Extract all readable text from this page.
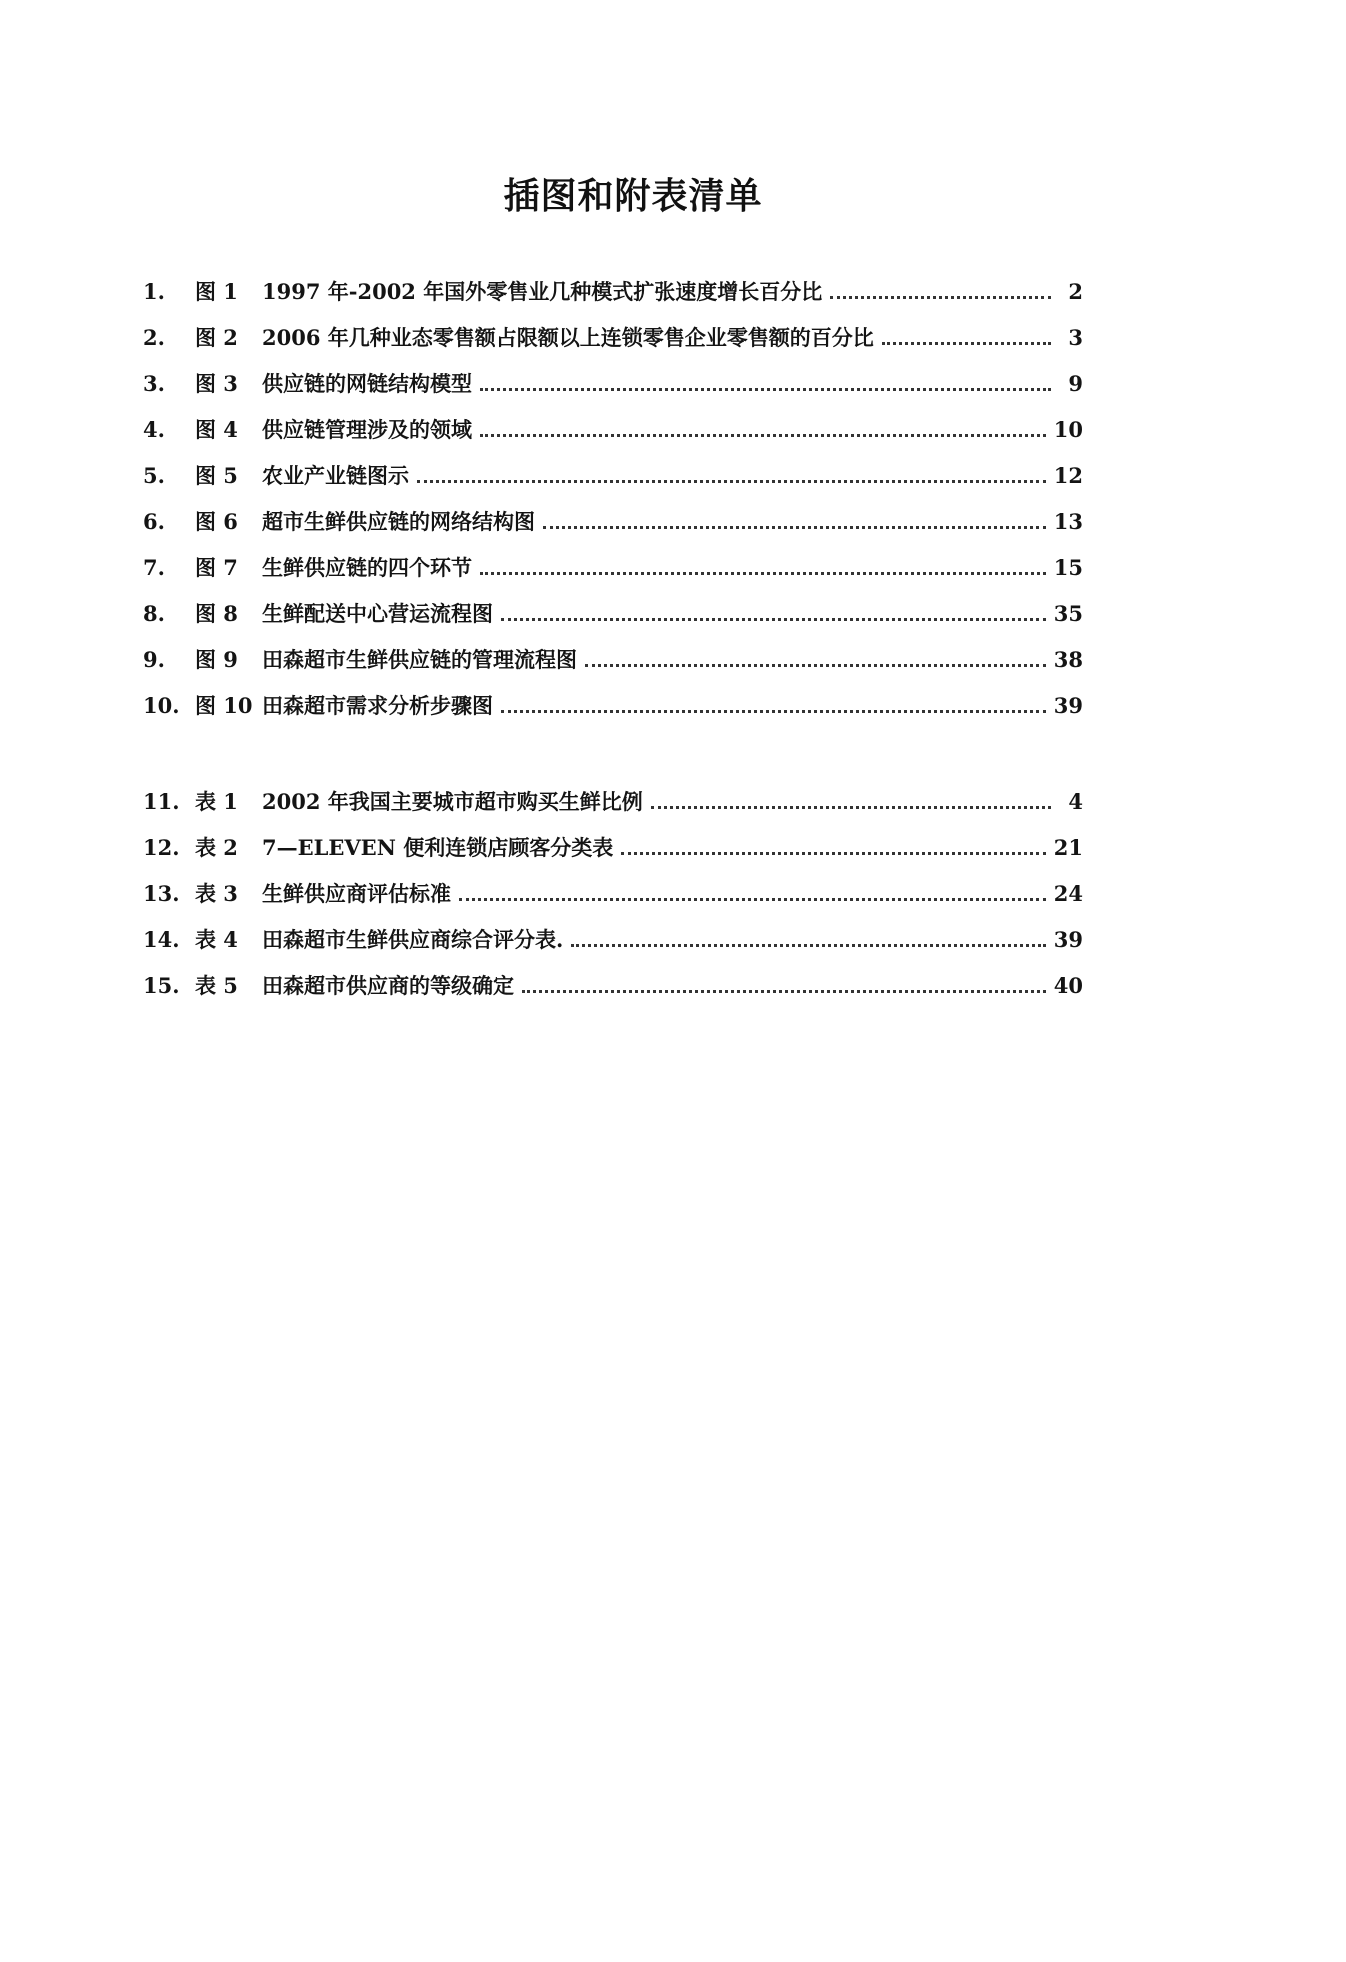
插图和附表清单
1.	图 1	1997 年-2002 年国外零售业几种模式扩张速度增长百分比	2
2.	图 2	2006 年几种业态零售额占限额以上连锁零售企业零售额的百分比	3
3.	图 3	供应链的网链结构模型	9
4.	图 4	供应链管理涉及的领域	10
5.	图 5	农业产业链图示	12
6.	图 6	超市生鲜供应链的网络结构图	13
7.	图 7	生鲜供应链的四个环节	15
8.	图 8	生鲜配送中心营运流程图	35
9.	图 9	田森超市生鲜供应链的管理流程图	38
10. 图 10 田森超市需求分析步骤图	39
11. 表 1	2002 年我国主要城市超市购买生鲜比例	4
12. 表 2	7—ELEVEN 便利连锁店顾客分类表	21
13. 表 3	生鲜供应商评估标准	24
14. 表 4	田森超市生鲜供应商综合评分表.	39
15. 表 5	田森超市供应商的等级确定	40
